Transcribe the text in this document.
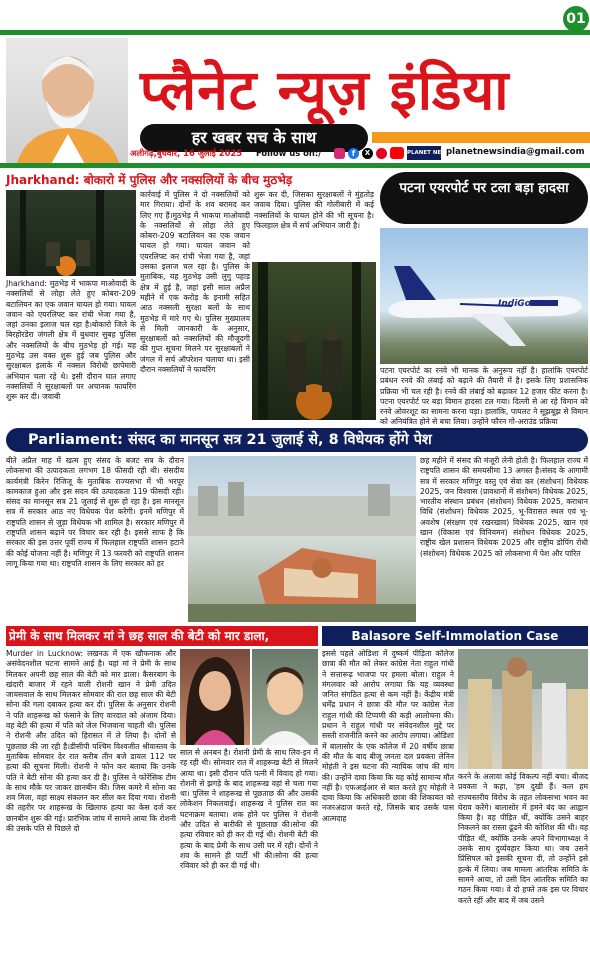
01
प्लैनेट न्यूज़ इंडिया
हर खबर सच के साथ
अलीगढ़,बुधवार, 16 जुलाई 2025	Follow us on:/	f	X	PLANET NEWS
planetnewsindia@gmail.com
Jharkhand: बोकारो में पुलिस और नक्सलियों के बीच मुठभेड़
Jharkhand: मुठभेड़ में भाकपा माओवादी के नक्सलियों से लोहा लेते हुए कोबरा-209 बटालियन का एक जवान घायल हो गया। घायल जवान को एयरलिफ्ट कर रांची भेजा गया है, जहां उनका इलाज चल रहा है।बोकारो जिले के बिरहोरडेरा जंगली क्षेत्र में बुधवार सुबह पुलिस और नक्सलियों के बीच मुठभेड़ हो गई। यह मुठभेड़ उस वक्त शुरू हुई जब पुलिस और सुरक्षाबल इलाके में नक्सल विरोधी छापेमारी अभियान चला रहे थे। इसी दौरान घात लगाए नक्सलियों ने सुरक्षाबलों पर अचानक फायरिंग शुरू कर दी। जवाबी
कार्रवाई में पुलिस ने दो नक्सलियों को मार गिराया। दोनों के शव बरामद कर लिए गए हैं।मुठभेड़ में भाकपा माओवादी के नक्सलियों से लोहा लेते हुए कोबरा-209 बटालियन का एक जवान घायल हो गया। घायल जवान को एयरलिफ्ट कर रांची भेजा गया है, जहां उसका इलाज चल रहा है। पुलिस के मुताबिक, यह मुठभेड़ उसी लुगु पहाड़ क्षेत्र में हुई है, जहां इसी साल अप्रैल महीने में एक करोड़ के इनामी सहित आठ नक्सली सुरक्षा बलों के साथ मुठभेड़ में मारे गए थे। पुलिस मुख्यालय से मिली जानकारी के अनुसार, सुरक्षाबलों को नक्सलियों की मौजूदगी की गुप्त सूचना मिलने पर सुरक्षाबलों ने जंगल में सर्च ऑपरेशन चलाया था। इसी दौरान नक्सलियों ने फायरिंग
शुरू कर दी, जिसका सुरक्षाबलों ने मुंहतोड़ जवाब दिया। पुलिस की गोलीबारी में कई नक्सलियों के घायल होने की भी सूचना है। फिलहाल क्षेत्र में सर्च अभियान जारी है।
पटना एयरपोर्ट पर टला बड़ा हादसा
IndiGo
पटना एयरपोर्ट का रनवे भी मानक के अनुरूप नहीं है। हालांकि एयरपोर्ट प्रबंधन रनवे की लंबाई को बढ़ाने की तैयारी में है। इसके लिए प्रशासनिक प्रक्रिया भी चल रही है। रनवे की लंबाई को बढ़ाकर 12 हजार फीट करना है।पटना एयरपोर्ट पर बड़ा विमान हादसा टल गया। दिल्ली से आ रहे विमान को रनवे ओवरशूट का सामना करना पड़ा। हालांकि, पायलट ने सूझबूझ से विमान को अनियंत्रित होने से बचा लिया। उन्होंने फौरन गो-अराउंड प्रक्रिया
Parliament: संसद का मानसून सत्र 21 जुलाई से, 8 विधेयक होंगे पेश
बीते अप्रैल माह में खत्म हुए संसद के बजट सत्र के दौरान लोकसभा की उत्पादकता लगभग 18 फीसदी रही थी। संसदीय कार्यमंत्री किरेन रिजिजू के मुताबिक राज्यसभा में भी भरपूर कामकाज हुआ और इस सदन की उत्पादकता 119 फीसदी रही।संसद का मानसून सत्र 21 जुलाई से शुरू हो रहा है। इस मानसून सत्र में सरकार आठ नए विधेयक पेश करेगी। इनमें मणिपुर में राष्ट्रपति शासन से जुड़ा विधेयक भी शामिल है। सरकार मणिपुर में राष्ट्रपति शासन बढ़ाने पर विचार कर रही है। इससे साफ है कि सरकार की इस उत्तर पूर्वी राज्य में फिलहाल राष्ट्रपति शासन हटाने की कोई योजना नहीं है। मणिपुर में 13 फरवरी को राष्ट्रपति शासन लागू किया गया था। राष्ट्रपति शासन के लिए सरकार को हर
छह महीने में संसद की मंजूरी लेनी होती है। फिलहाल राज्य में राष्ट्रपति शासन की समयसीमा 13 अगस्त है।संसद के आगामी सत्र में सरकार मणिपुर वस्तु एवं सेवा कर (संशोधन) विधेयक 2025, जन विश्वास (प्रावधानों में संशोधन) विधेयक 2025, भारतीय संस्थान प्रबंधन (संशोधन) विधेयक 2025, कराधान विधि (संशोधन) विधेयक 2025, भू-विरासत स्थल एवं भू-अवशेष (संरक्षण एवं रखरखाव) विधेयक 2025, खान एवं खान (विकास एवं विनियमन) संशोधन विधेयक 2025, राष्ट्रीय खेल प्रशासन विधेयक 2025 और राष्ट्रीय डोपिंग रोधी (संशोधन) विधेयक 2025 को लोकसभा में पेश और पारित
प्रेमी के साथ मिलकर मां ने छह साल की बेटी को मार डाला,
Murder in Lucknow: लखनऊ में एक खौफनाक और असंवेदनशील घटना सामने आई है। यहां मां ने प्रेमी के साथ मिलकर अपनी छह साल की बेटी को मार डाला। कैसरबाग के खंदारी बाजार में रहने वाली रोशनी खान ने प्रेमी उदित जायसवाल के साथ मिलकर सोमवार की रात छह साल की बेटी सोना की गला दबाकर हत्या कर दी। पुलिस के अनुसार रोशनी ने पति शाहरूख को फंसाने के लिए वारदात को अंजाम दिया। वह बेटी की हत्या में पति को जेल भिजवाना चाहती थी। पुलिस ने रोशनी और उदित को हिरासत में ले लिया है। दोनों से पूछताछ की जा रही है।डीसीपी पश्चिम विश्वजीत श्रीवास्तव के मुताबिक सोमवार देर रात करीब तीन बजे डायल 112 पर हत्या की सूचना मिली। रोशनी ने फोन कर बताया कि उनके पति ने बेटी सोना की हत्या कर दी है। पुलिस ने फोरेंसिक टीम के साथ मौके पर जाकर छानबीन की। जिस कमरे में सोना का शव मिला, वहां साक्ष्य संकलन कर सील कर दिया गया। रोशनी की तहरीर पर शाहरूख के खिलाफ हत्या का केस दर्ज कर छानबीन शुरू की गई। प्रारंभिक जांच में सामने आया कि रोशनी की उसके पति से पिछले दो
साल से अनबन है। रोशनी प्रेमी के साथ लिव-इन में रह रही थी। सोमवार रात में शाहरूख बेटी से मिलने आया था। इसी दौरान पति पत्नी में विवाद हो गया। रोशनी से झगड़े के बाद शाहरूख वहां से चला गया था। पुलिस ने शाहरूख से पूछताछ की और उसकी लोकेशन निकलवाई। शाहरूख ने पुलिस रात का घटनाक्रम बताया। शक होने पर पुलिस ने रोशनी और उदित से बारीकी से पूछताछ की।सोना की हत्या रविवार को ही कर दी गई थी। रोशनी बेटी की हत्या के बाद प्रेमी के साथ उसी घर में रही। दोनों ने शव के सामने ही पार्टी भी की।सोना की हत्या रविवार को ही कर दी गई थी।
Balasore Self-Immolation Case
इससे पहले ओडिशा में दुष्कर्म पीड़िता कॉलेज छात्रा की मौत को लेकर कांग्रेस नेता राहुल गांधी ने सत्तारूढ़ भाजपा पर हमला बोला। राहुल ने मंगलवार को आरोप लगाया कि यह व्यवस्था जनित संगठित हत्या से कम नहीं है। केंद्रीय मंत्री धर्मेंद्र प्रधान ने छात्रा की मौत पर कांग्रेस नेता राहुल गांधी की टिप्पणी की कड़ी आलोचना की। प्रधान ने राहुल गांधी पर संवेदनशील मुद्दे पर सस्ती राजनीति करने का आरोप लगाया। ओडिशा में बालासोर के एक कॉलेज में 20 वर्षीय छात्रा की मौत के बाद बीजू जनता दल प्रवक्ता लेनिन मोहंती ने इस घटना की न्यायिक जांच की मांग की। उन्होंने दावा किया कि यह कोई सामान्य मौत नहीं है। एफआईआर से बात करते हुए मोहंती ने दावा किया कि अधिकारी छात्रा की शिकायत को नजरअंदाज करते रहे, जिसके बाद उसके पास आत्मदाह
करने के अलावा कोई विकल्प नहीं बचा। बीजद प्रवक्ता ने कहा, 'हम दुखी हैं। कल हम राज्यस्तरीय विरोध के तहत लोकसभा भवन का घेराव करेंगे। बालासोर में हमने बंद का आह्वान किया है। वह पीड़ित थीं, क्योंकि उसने बाहर निकलने का रास्ता ढूंढने की कोशिश की थी। वह पीड़ित थीं, क्योंकि उनके अपने विभागाध्यक्ष ने उसके साथ दुर्व्यवहार किया था। जब उसने प्रिंसिपल को इसकी सूचना दी, तो उन्होंने इसे हल्के में लिया। जब मामला आंतरिक समिति के सामने आया, तो उसी दिन आंतरिक समिति का गठन किया गया। वे दो हफ्ते तक इस पर विचार करते रहीं और बाद में जब उसने
